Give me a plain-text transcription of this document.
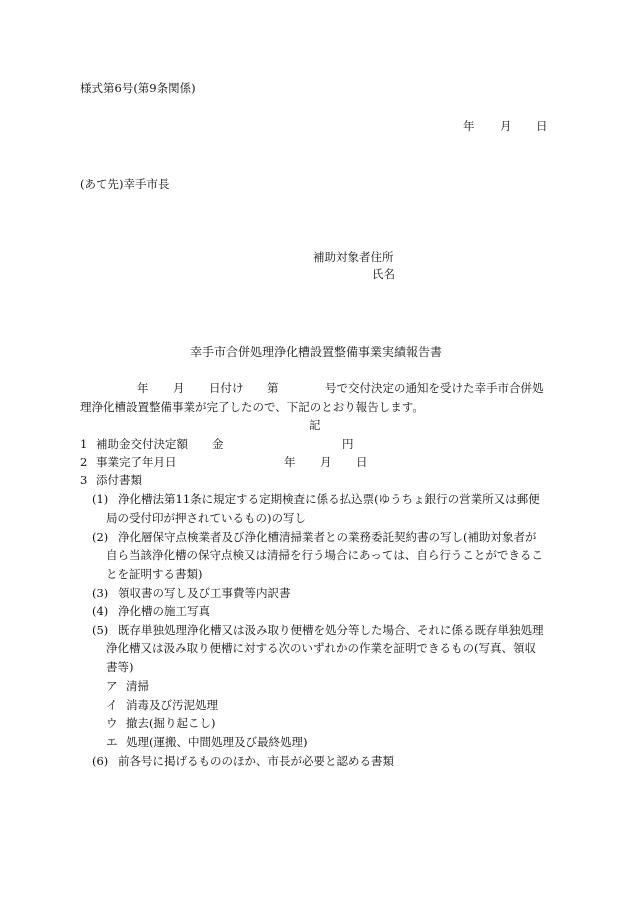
様式第6号(第9条関係)
年 月 日
(あて先)幸手市長
補助対象者住所
氏名
幸手市合併処理浄化槽設置整備事業実績報告書
年 月 日付け 第	号で交付決定の通知を受けた幸手市合併処
理浄化槽設置整備事業が完了したので、下記のとおり報告します。
記
1 補助金交付決定額 金	円
2 事業完了年月日	年 月 日
3 添付書類
(1) 浄化槽法第11条に規定する定期検査に係る払込票(ゆうちょ銀行の営業所又は郵便
局の受付印が押されているもの)の写し
(2) 浄化層保守点検業者及び浄化槽清掃業者との業務委託契約書の写し(補助対象者が
自ら当該浄化槽の保守点検又は清掃を行う場合にあっては、自ら行うことができるこ
とを証明する書類)
(3) 領収書の写し及び工事費等内訳書
(4) 浄化槽の施工写真
(5) 既存単独処理浄化槽又は汲み取り便槽を処分等した場合、それに係る既存単独処理
浄化槽又は汲み取り便槽に対する次のいずれかの作業を証明できるもの(写真、領収
書等)
ア 清掃
イ 消毒及び汚泥処理
ウ 撤去(掘り起こし)
エ 処理(運搬、中間処理及び最終処理)
(6) 前各号に掲げるもののほか、市長が必要と認める書類
